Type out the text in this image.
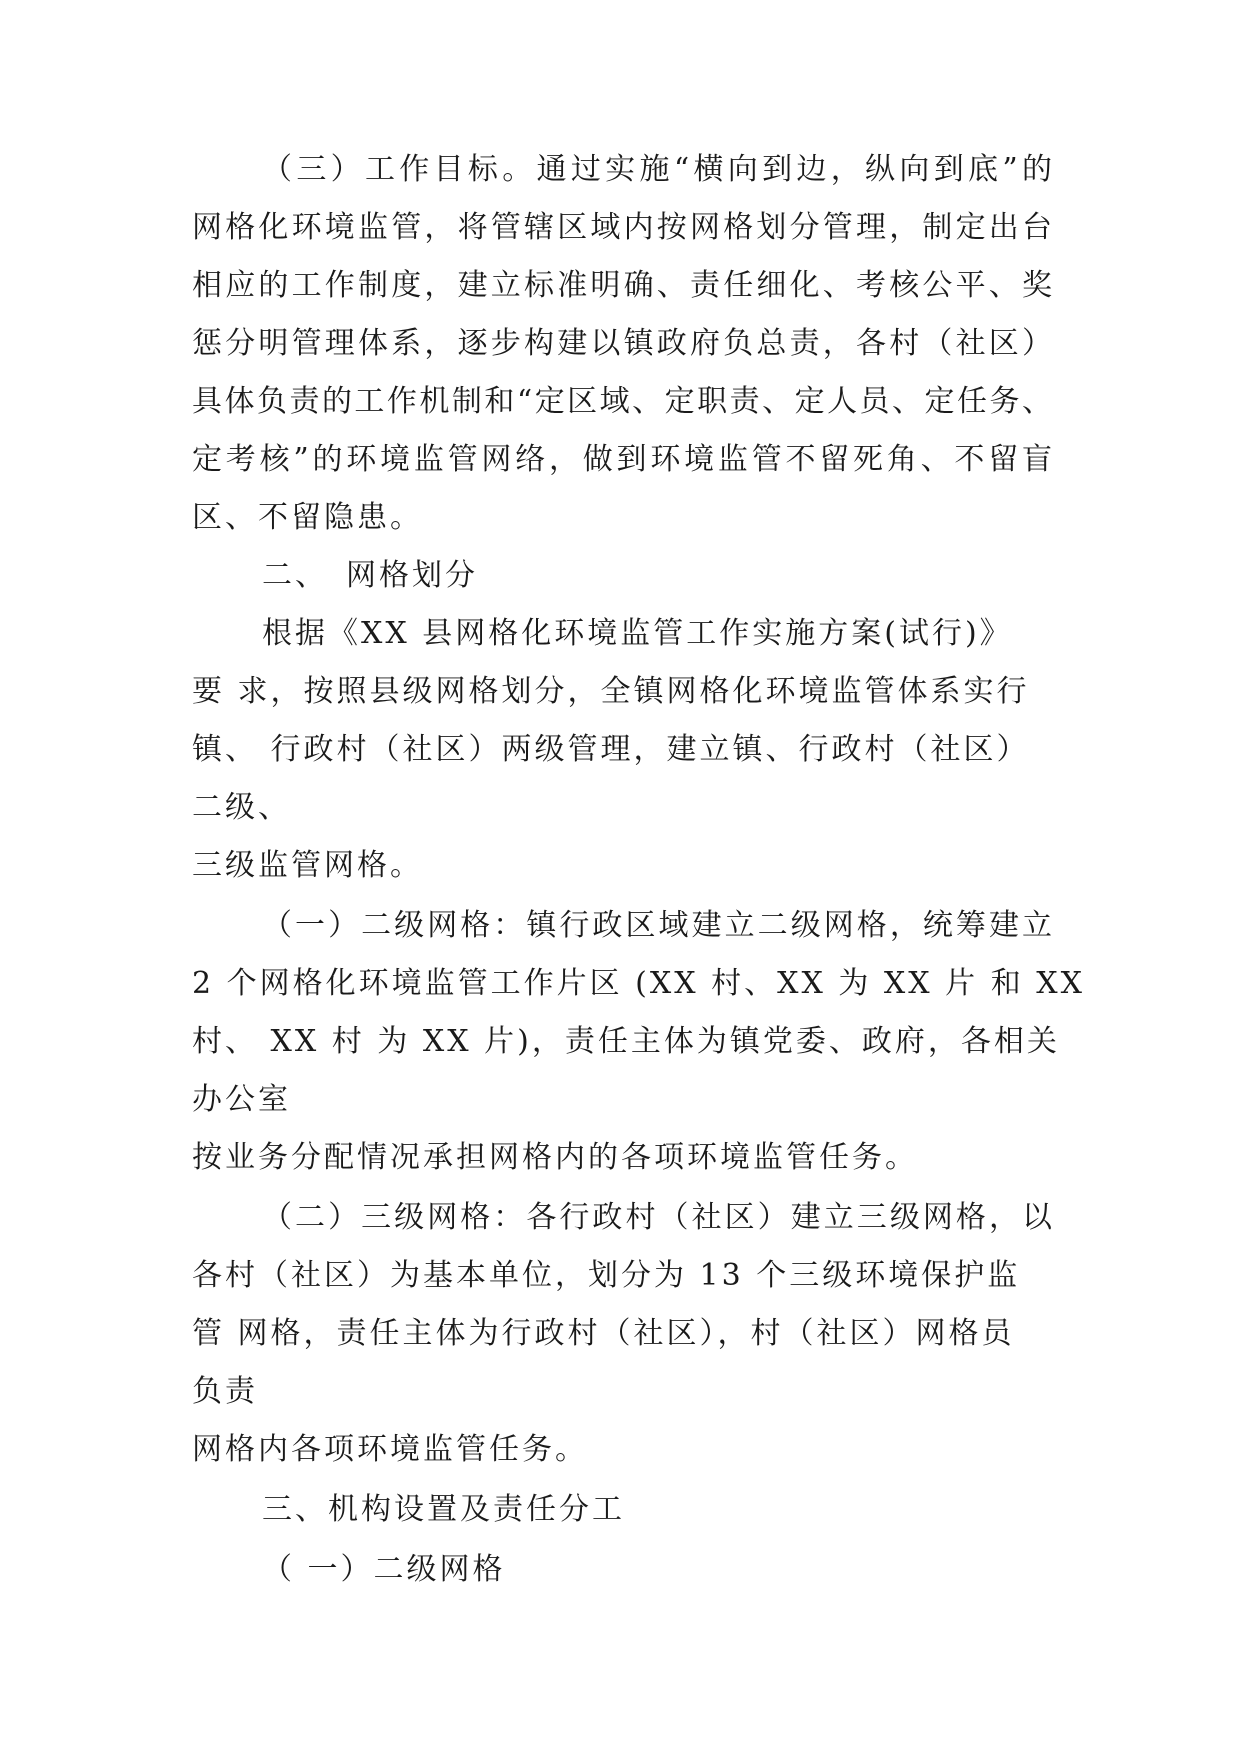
（三）工作目标。通过实施“横向到边，纵向到底”的
网格化环境监管，将管辖区域内按网格划分管理，制定出台
相应的工作制度，建立标准明确、责任细化、考核公平、奖
惩分明管理体系，逐步构建以镇政府负总责，各村（社区）
具体负责的工作机制和“定区域、定职责、定人员、定任务、
定考核”的环境监管网络，做到环境监管不留死角、不留盲
区、不留隐患。
二、　网格划分
根据《XX 县网格化环境监管工作实施方案(试行)》
要 求，按照县级网格划分，全镇网格化环境监管体系实行
镇、 行政村（社区）两级管理，建立镇、行政村（社区）
二级、
三级监管网格。
（一）二级网格：镇行政区域建立二级网格，统筹建立
2 个网格化环境监管工作片区 (XX 村、XX 为 XX 片 和 XX
村、 XX 村 为 XX 片)，责任主体为镇党委、政府，各相关
办公室
按业务分配情况承担网格内的各项环境监管任务。
（二）三级网格：各行政村（社区）建立三级网格，以
各村（社区）为基本单位，划分为 13 个三级环境保护监
管 网格，责任主体为行政村（社区），村（社区）网格员
负责
网格内各项环境监管任务。
三、机构设置及责任分工
（ 一）二级网格
